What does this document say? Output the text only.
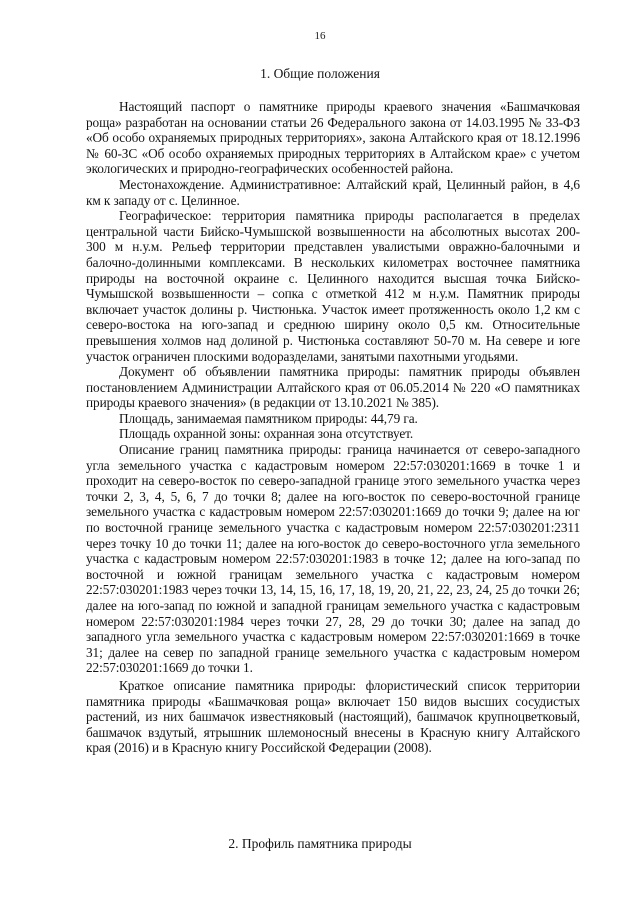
16
1. Общие положения

Настоящий паспорт о памятнике природы краевого значения «Башмачковая роща» разработан на основании статьи 26 Федерального закона от 14.03.1995 № 33-ФЗ «Об особо охраняемых природных территориях», закона Алтайского края от 18.12.1996 № 60-ЗС «Об особо охраняемых природных территориях в Алтайском крае» с учетом экологических и природно-географических особенностей района.

Местонахождение. Административное: Алтайский край, Целинный район, в 4,6 км к западу от с. Целинное.

Географическое: территория памятника природы располагается в пределах центральной части Бийско-Чумышской возвышенности на абсолютных высотах 200-300 м н.у.м. Рельеф территории представлен увалистыми овражно-балочными и балочно-долинными комплексами. В нескольких километрах восточнее памятника природы на восточной окраине с. Целинного находится высшая точка Бийско-Чумышской возвышенности – сопка с отметкой 412 м н.у.м. Памятник природы включает участок долины р. Чистюнька. Участок имеет протяженность около 1,2 км с северо-востока на юго-запад и среднюю ширину около 0,5 км. Относительные превышения холмов над долиной р. Чистюнька составляют 50-70 м. На севере и юге участок ограничен плоскими водоразделами, занятыми пахотными угодьями.

Документ об объявлении памятника природы: памятник природы объявлен постановлением Администрации Алтайского края от 06.05.2014 № 220 «О памятниках природы краевого значения» (в редакции от 13.10.2021 № 385).

Площадь, занимаемая памятником природы: 44,79 га.

Площадь охранной зоны: охранная зона отсутствует.

Описание границ памятника природы: граница начинается от северо-западного угла земельного участка с кадастровым номером 22:57:030201:1669 в точке 1 и проходит на северо-восток по северо-западной границе этого земельного участка через точки 2, 3, 4, 5, 6, 7 до точки 8; далее на юго-восток по северо-восточной границе земельного участка с кадастровым номером 22:57:030201:1669 до точки 9; далее на юг по восточной границе земельного участка с кадастровым номером 22:57:030201:2311 через точку 10 до точки 11; далее на юго-восток до северо-восточного угла земельного участка с кадастровым номером 22:57:030201:1983 в точке 12; далее на юго-запад по восточной и южной границам земельного участка с кадастровым номером 22:57:030201:1983 через точки 13, 14, 15, 16, 17, 18, 19, 20, 21, 22, 23, 24, 25 до точки 26; далее на юго-запад по южной и западной границам земельного участка с кадастровым номером 22:57:030201:1984 через точки 27, 28, 29 до точки 30; далее на запад до западного угла земельного участка с кадастровым номером 22:57:030201:1669 в точке 31; далее на север по западной границе земельного участка с кадастровым номером 22:57:030201:1669 до точки 1.

Краткое описание памятника природы: флористический список территории памятника природы «Башмачковая роща» включает 150 видов высших сосудистых растений, из них башмачок известняковый (настоящий), башмачок крупноцветковый, башмачок вздутый, ятрышник шлемоносный внесены в Красную книгу Алтайского края (2016) и в Красную книгу Российской Федерации (2008).

2. Профиль памятника природы
